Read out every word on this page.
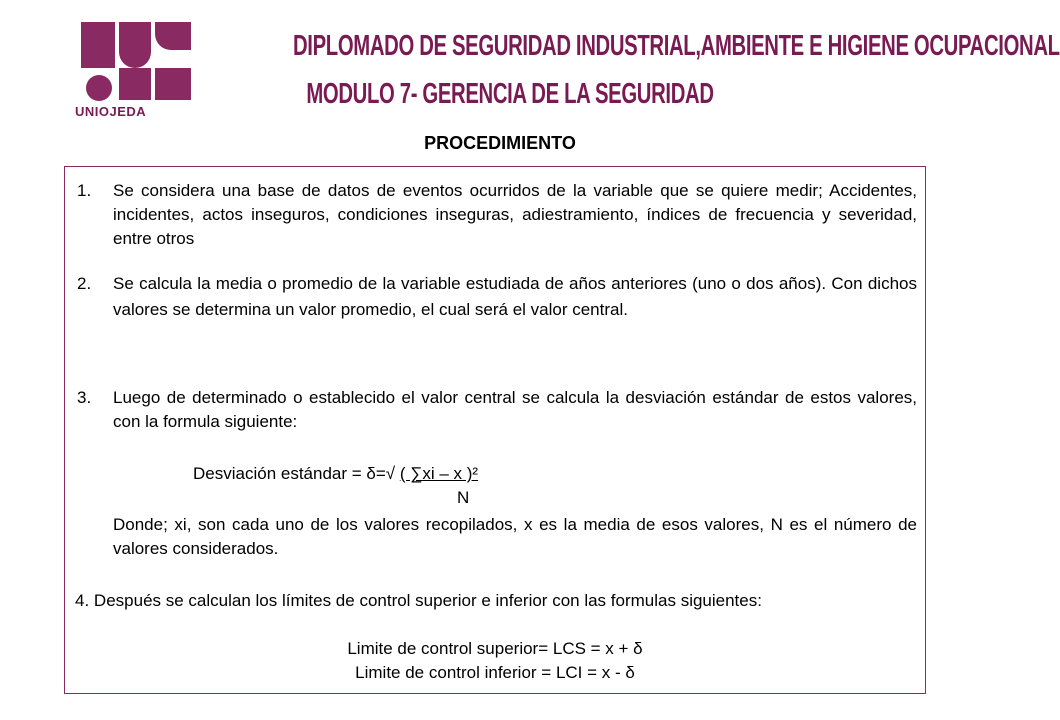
UNIOJEDA
DIPLOMADO DE SEGURIDAD INDUSTRIAL,AMBIENTE E HIGIENE OCUPACIONAL
MODULO 7- GERENCIA DE LA SEGURIDAD
PROCEDIMIENTO
1. Se considera una base de datos de eventos ocurridos de la variable que se quiere medir; Accidentes, incidentes, actos inseguros, condiciones inseguras, adiestramiento, índices de frecuencia y severidad, entre otros
2. Se calcula la media o promedio de la variable estudiada de años anteriores (uno o dos años). Con dichos valores se determina un valor promedio, el cual será el valor central.
3. Luego de determinado o establecido el valor central se calcula la desviación estándar de estos valores, con la formula siguiente:
Desviación estándar = δ=√ ( ∑xi – x )²
N
Donde; xi, son cada uno de los valores recopilados, x es la media de esos valores, N es el número de valores considerados.
4. Después se calculan los límites de control superior e inferior con las formulas siguientes:
Limite de control superior= LCS = x + δ
Limite de control inferior = LCI = x - δ
